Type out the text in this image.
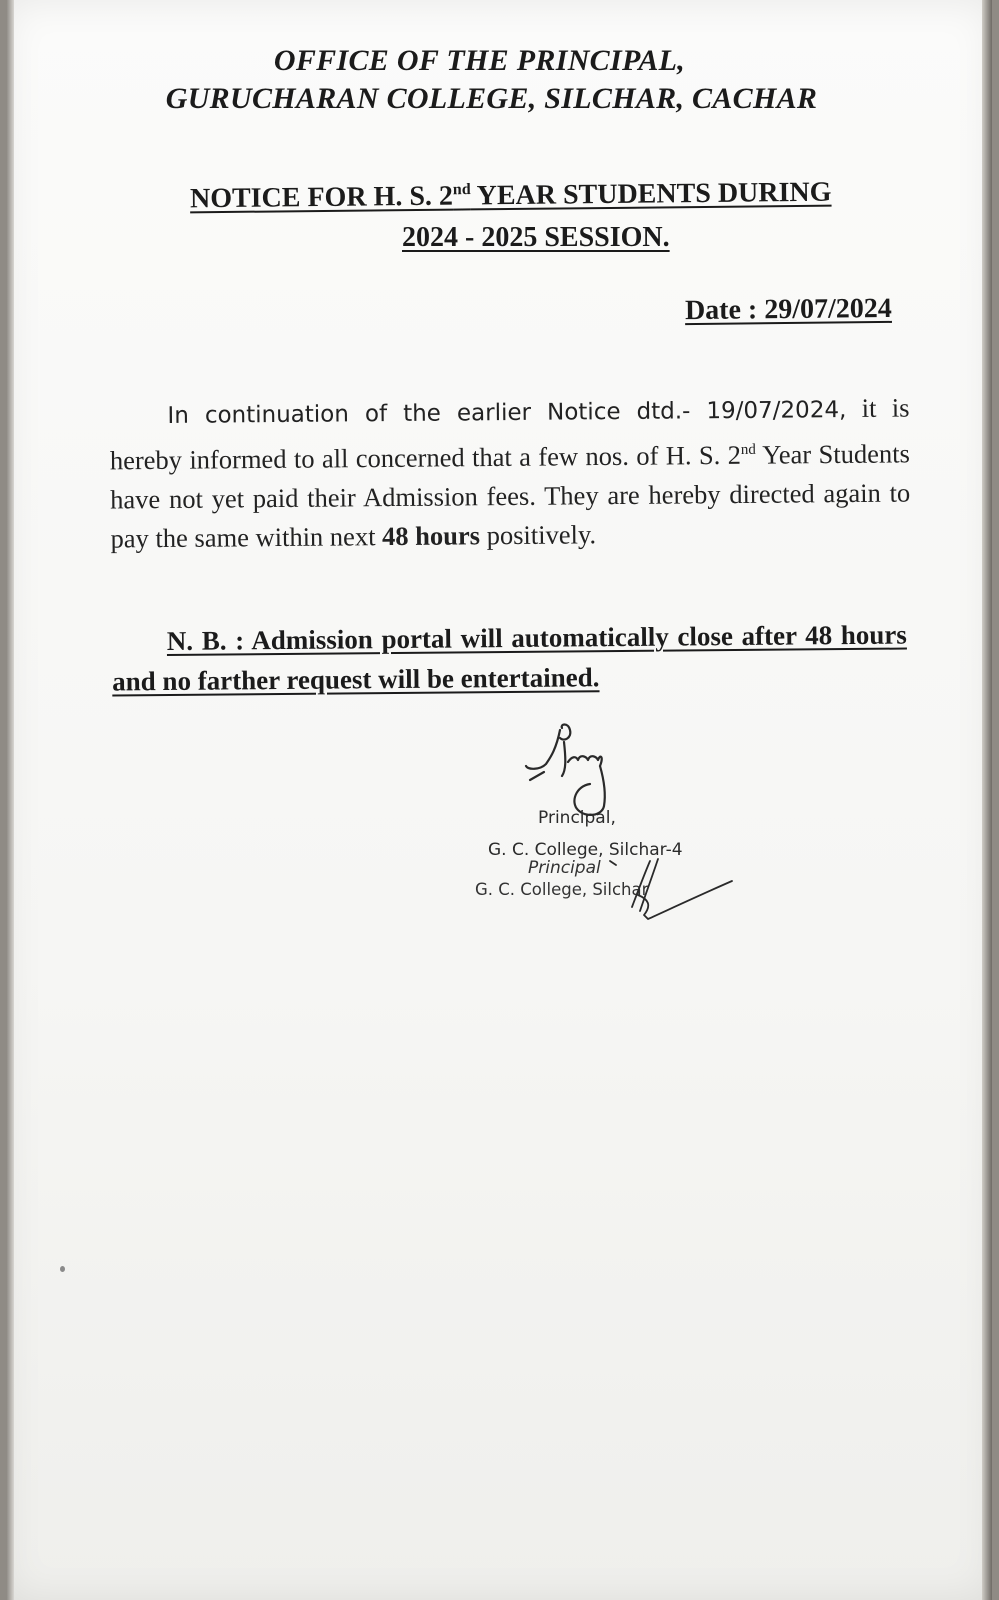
OFFICE OF THE PRINCIPAL,
GURUCHARAN COLLEGE, SILCHAR, CACHAR
NOTICE FOR H. S. 2nd YEAR STUDENTS DURING
2024 - 2025 SESSION.
Date : 29/07/2024
In continuation of the earlier Notice dtd.- 19/07/2024, it is hereby informed to all concerned that a few nos. of H. S. 2nd Year Students have not yet paid their Admission fees. They are hereby directed again to pay the same within next 48 hours positively.
N. B. : Admission portal will automatically close after 48 hours and no farther request will be entertained.
Principal,
G. C. College, Silchar-4
Principal
G. C. College, Silchar
